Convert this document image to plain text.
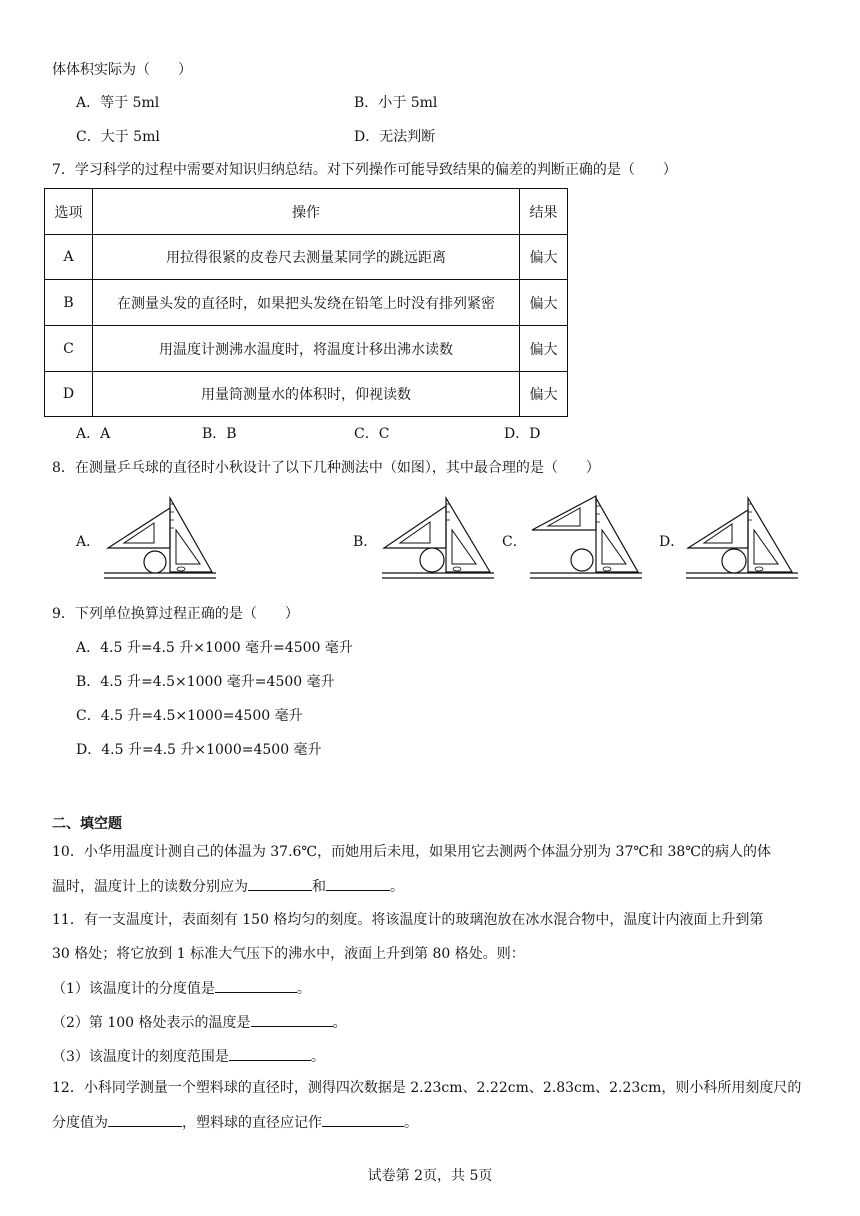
体体积实际为（　　）
A．等于 5ml	B．小于 5ml
C．大于 5ml	D．无法判断
7．学习科学的过程中需要对知识归纳总结。对下列操作可能导致结果的偏差的判断正确的是（　　）
选项	操作	结果
A	用拉得很紧的皮卷尺去测量某同学的跳远距离	偏大
B	在测量头发的直径时，如果把头发绕在铅笔上时没有排列紧密	偏大
C	用温度计测沸水温度时，将温度计移出沸水读数	偏大
D	用量筒测量水的体积时，仰视读数	偏大
A．A	B．B	C．C	D．D
8．在测量乒乓球的直径时小秋设计了以下几种测法中（如图），其中最合理的是（　　）
A．	B．	C．	D．
9．下列单位换算过程正确的是（　　）
A．4.5 升=4.5 升×1000 毫升=4500 毫升
B．4.5 升=4.5×1000 毫升=4500 毫升
C．4.5 升=4.5×1000=4500 毫升
D．4.5 升=4.5 升×1000=4500 毫升
二、填空题
10．小华用温度计测自己的体温为 37.6℃，而她用后未甩，如果用它去测两个体温分别为 37℃和 38℃的病人的体
温时，温度计上的读数分别应为	和	。
11．有一支温度计，表面刻有 150 格均匀的刻度。将该温度计的玻璃泡放在冰水混合物中，温度计内液面上升到第
30 格处；将它放到 1 标准大气压下的沸水中，液面上升到第 80 格处。则：
（1）该温度计的分度值是	。
（2）第 100 格处表示的温度是	。
（3）该温度计的刻度范围是	。
12．小科同学测量一个塑料球的直径时，测得四次数据是 2.23cm、2.22cm、2.83cm、2.23cm，则小科所用刻度尺的
分度值为	，塑料球的直径应记作	。
试卷第 2页，共 5页
